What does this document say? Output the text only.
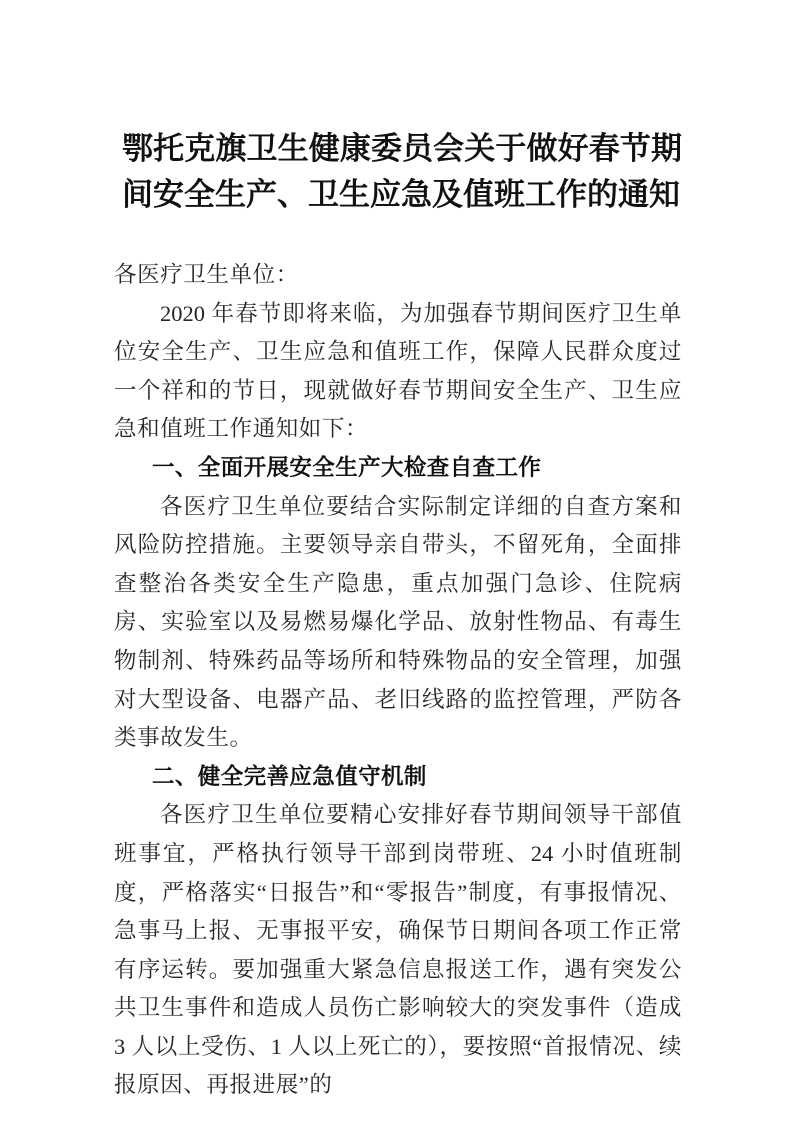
鄂托克旗卫生健康委员会关于做好春节期间安全生产、卫生应急及值班工作的通知

各医疗卫生单位：

2020 年春节即将来临，为加强春节期间医疗卫生单位安全生产、卫生应急和值班工作，保障人民群众度过一个祥和的节日，现就做好春节期间安全生产、卫生应急和值班工作通知如下：

一、全面开展安全生产大检查自查工作

各医疗卫生单位要结合实际制定详细的自查方案和风险防控措施。主要领导亲自带头，不留死角，全面排查整治各类安全生产隐患，重点加强门急诊、住院病房、实验室以及易燃易爆化学品、放射性物品、有毒生物制剂、特殊药品等场所和特殊物品的安全管理，加强对大型设备、电器产品、老旧线路的监控管理，严防各类事故发生。

二、健全完善应急值守机制

各医疗卫生单位要精心安排好春节期间领导干部值班事宜，严格执行领导干部到岗带班、24 小时值班制度，严格落实“日报告”和“零报告”制度，有事报情况、急事马上报、无事报平安，确保节日期间各项工作正常有序运转。要加强重大紧急信息报送工作，遇有突发公共卫生事件和造成人员伤亡影响较大的突发事件（造成 3 人以上受伤、1 人以上死亡的），要按照“首报情况、续报原因、再报进展”的
